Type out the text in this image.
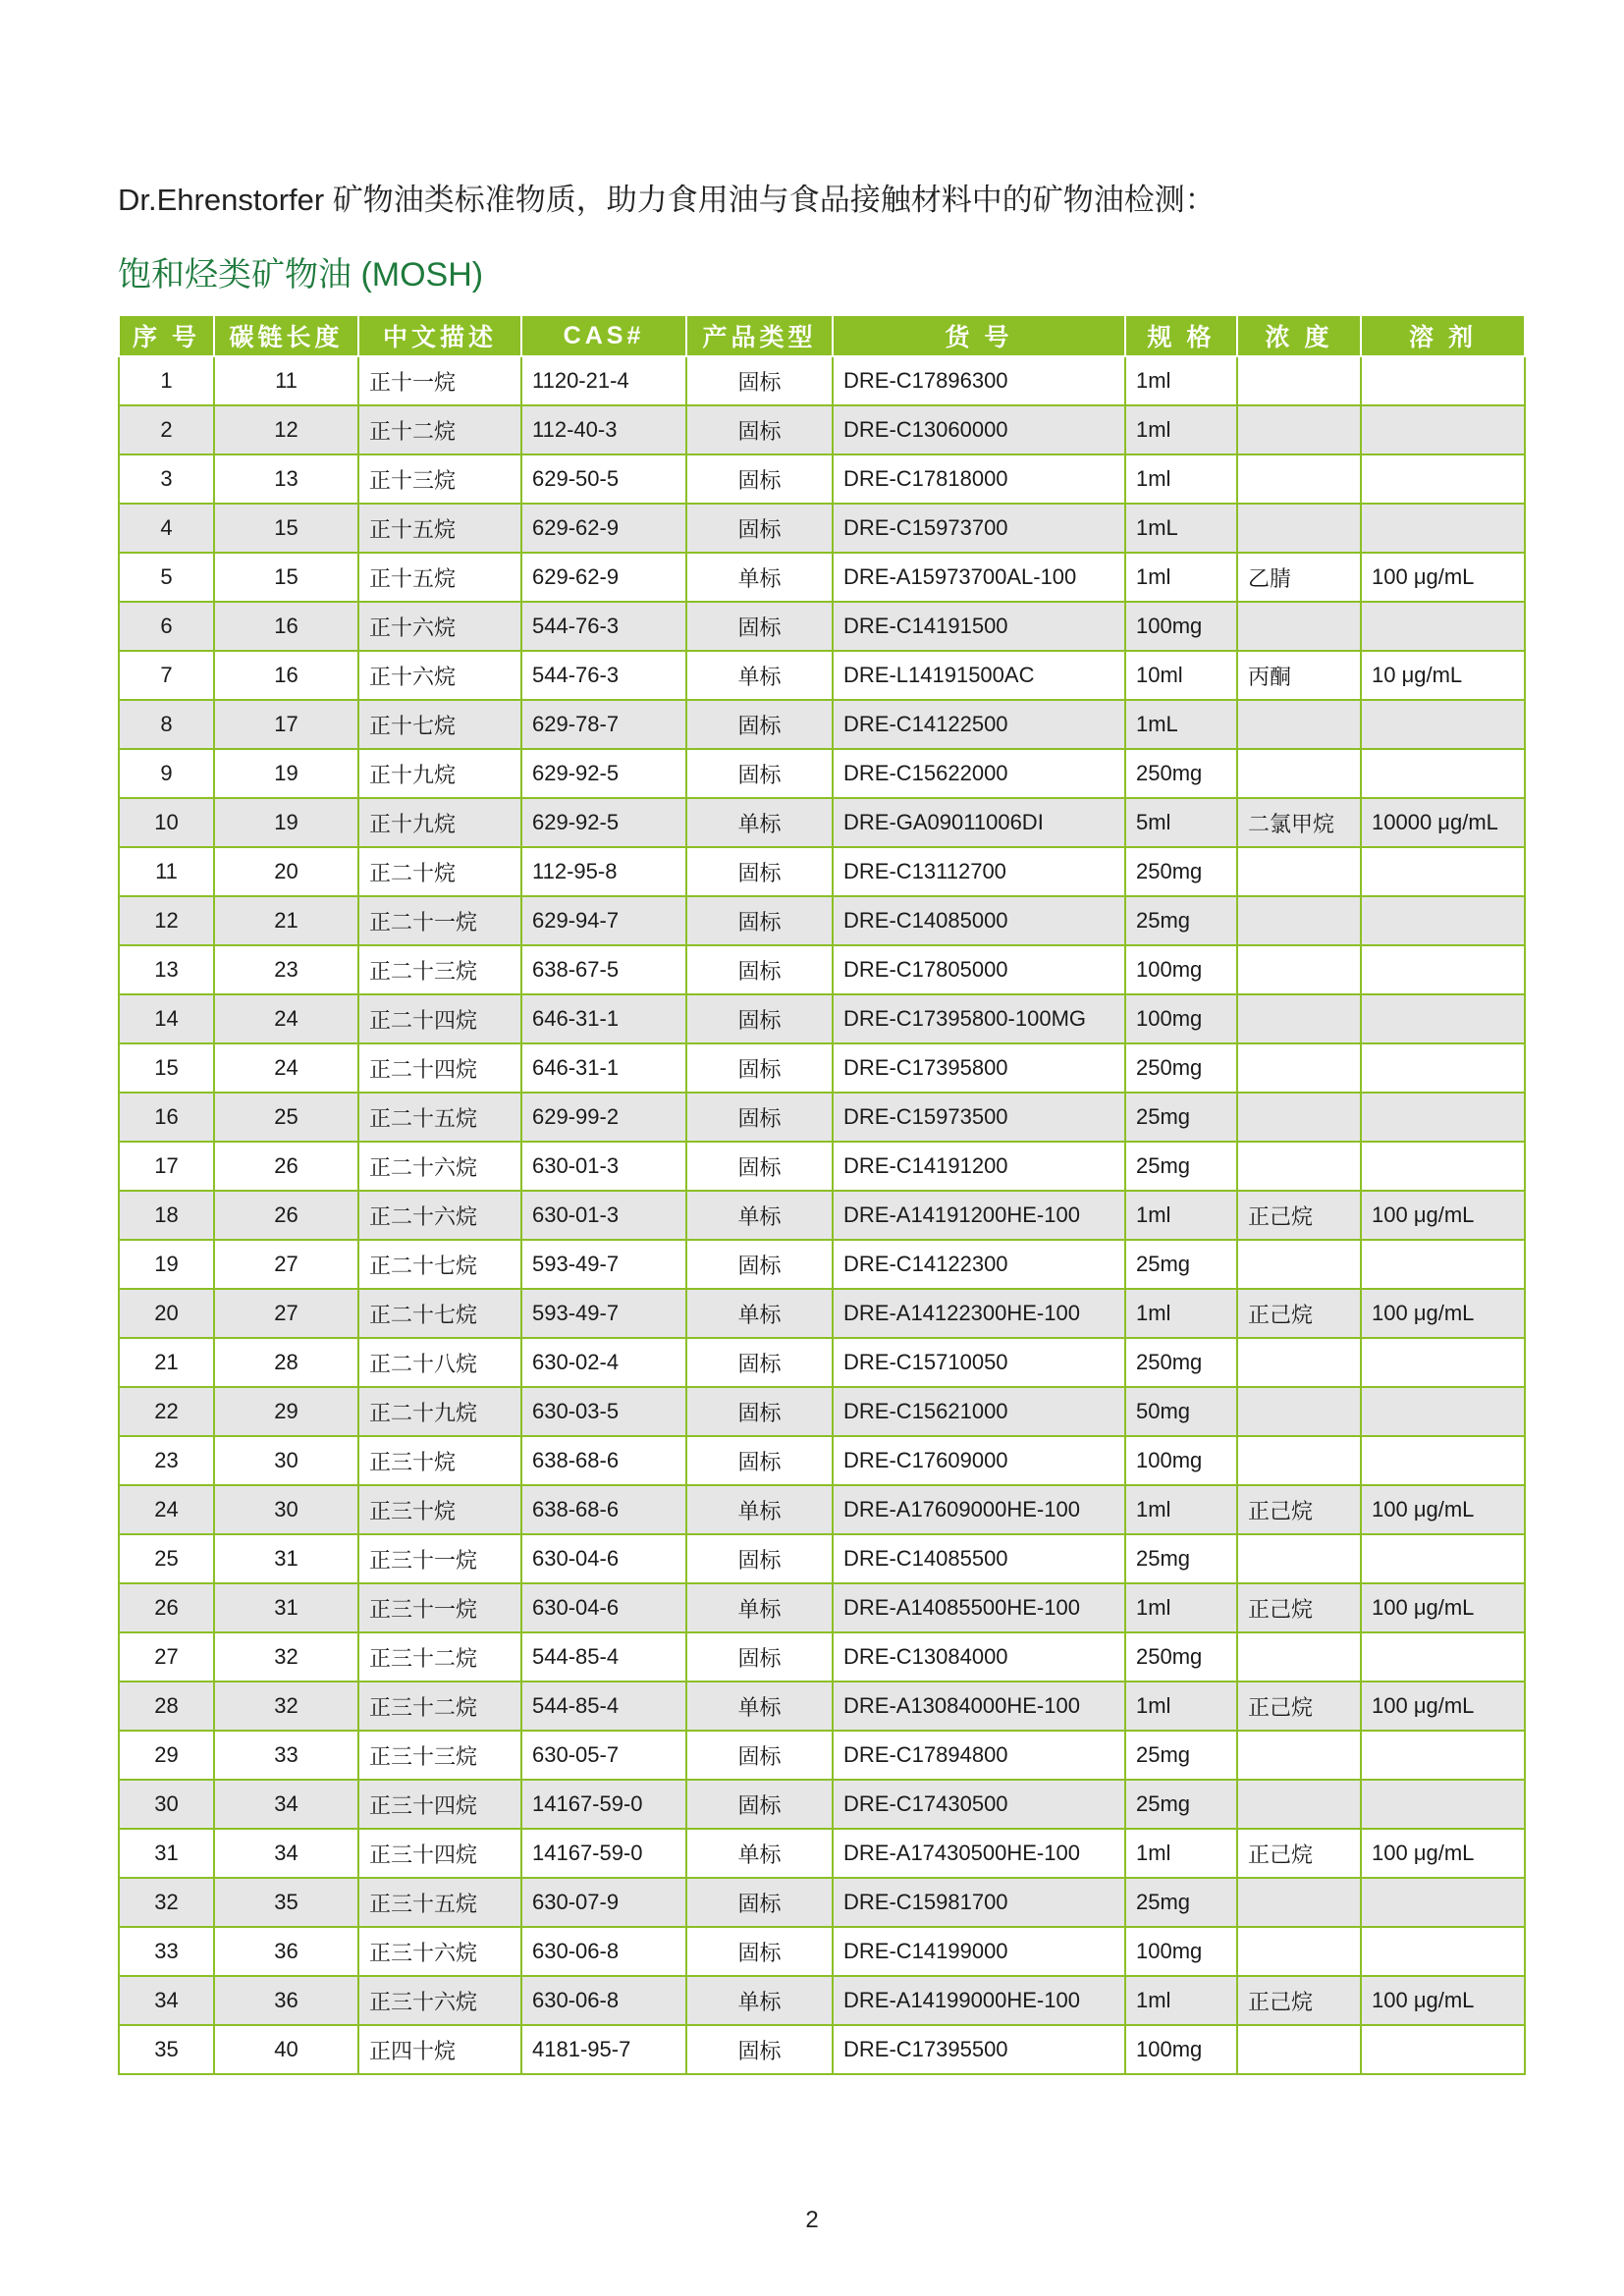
Dr.Ehrenstorfer 矿物油类标准物质，助力食用油与食品接触材料中的矿物油检测：
饱和烃类矿物油 (MOSH)
序 号	碳链长度	中文描述	CAS#	产品类型	货 号	规 格	浓 度	溶 剂
1	11	正十一烷	1120-21-4	固标	DRE-C17896300	1ml		
2	12	正十二烷	112-40-3	固标	DRE-C13060000	1ml		
3	13	正十三烷	629-50-5	固标	DRE-C17818000	1ml		
4	15	正十五烷	629-62-9	固标	DRE-C15973700	1mL		
5	15	正十五烷	629-62-9	单标	DRE-A15973700AL-100	1ml	乙腈	100 μg/mL
6	16	正十六烷	544-76-3	固标	DRE-C14191500	100mg		
7	16	正十六烷	544-76-3	单标	DRE-L14191500AC	10ml	丙酮	10 μg/mL
8	17	正十七烷	629-78-7	固标	DRE-C14122500	1mL		
9	19	正十九烷	629-92-5	固标	DRE-C15622000	250mg		
10	19	正十九烷	629-92-5	单标	DRE-GA09011006DI	5ml	二氯甲烷	10000 μg/mL
11	20	正二十烷	112-95-8	固标	DRE-C13112700	250mg		
12	21	正二十一烷	629-94-7	固标	DRE-C14085000	25mg		
13	23	正二十三烷	638-67-5	固标	DRE-C17805000	100mg		
14	24	正二十四烷	646-31-1	固标	DRE-C17395800-100MG	100mg		
15	24	正二十四烷	646-31-1	固标	DRE-C17395800	250mg		
16	25	正二十五烷	629-99-2	固标	DRE-C15973500	25mg		
17	26	正二十六烷	630-01-3	固标	DRE-C14191200	25mg		
18	26	正二十六烷	630-01-3	单标	DRE-A14191200HE-100	1ml	正己烷	100 μg/mL
19	27	正二十七烷	593-49-7	固标	DRE-C14122300	25mg		
20	27	正二十七烷	593-49-7	单标	DRE-A14122300HE-100	1ml	正己烷	100 μg/mL
21	28	正二十八烷	630-02-4	固标	DRE-C15710050	250mg		
22	29	正二十九烷	630-03-5	固标	DRE-C15621000	50mg		
23	30	正三十烷	638-68-6	固标	DRE-C17609000	100mg		
24	30	正三十烷	638-68-6	单标	DRE-A17609000HE-100	1ml	正己烷	100 μg/mL
25	31	正三十一烷	630-04-6	固标	DRE-C14085500	25mg		
26	31	正三十一烷	630-04-6	单标	DRE-A14085500HE-100	1ml	正己烷	100 μg/mL
27	32	正三十二烷	544-85-4	固标	DRE-C13084000	250mg		
28	32	正三十二烷	544-85-4	单标	DRE-A13084000HE-100	1ml	正己烷	100 μg/mL
29	33	正三十三烷	630-05-7	固标	DRE-C17894800	25mg		
30	34	正三十四烷	14167-59-0	固标	DRE-C17430500	25mg		
31	34	正三十四烷	14167-59-0	单标	DRE-A17430500HE-100	1ml	正己烷	100 μg/mL
32	35	正三十五烷	630-07-9	固标	DRE-C15981700	25mg		
33	36	正三十六烷	630-06-8	固标	DRE-C14199000	100mg		
34	36	正三十六烷	630-06-8	单标	DRE-A14199000HE-100	1ml	正己烷	100 μg/mL
35	40	正四十烷	4181-95-7	固标	DRE-C17395500	100mg		
2
